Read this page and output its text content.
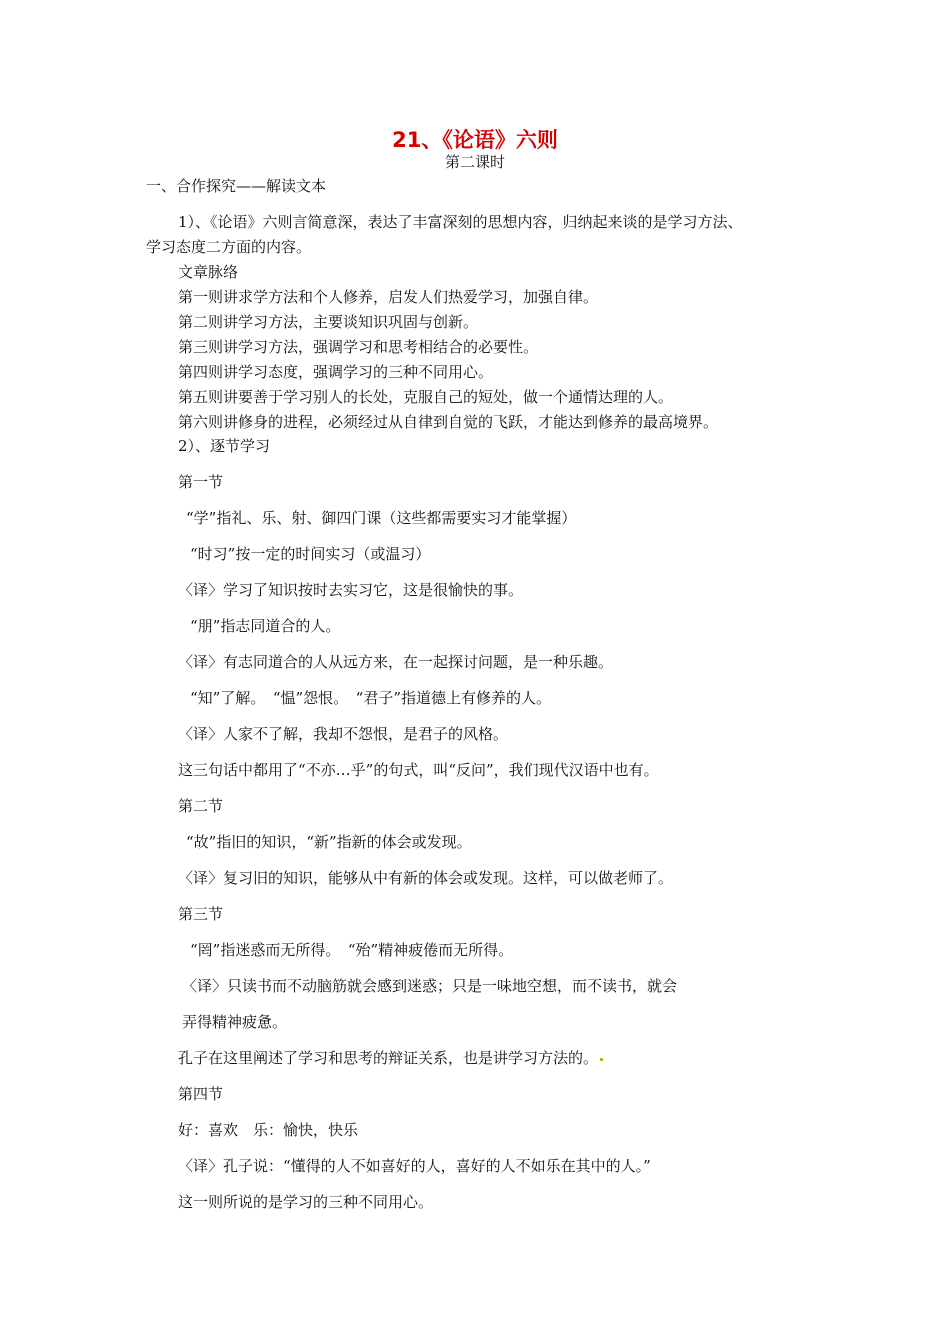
21、《论语》六则

第二课时

一、合作探究——解读文本

1）、《论语》六则言简意深，表达了丰富深刻的思想内容，归纳起来谈的是学习方法、

学习态度二方面的内容。

文章脉络

第一则讲求学方法和个人修养，启发人们热爱学习，加强自律。

第二则讲学习方法，主要谈知识巩固与创新。

第三则讲学习方法，强调学习和思考相结合的必要性。

第四则讲学习态度，强调学习的三种不同用心。

第五则讲要善于学习别人的长处，克服自己的短处，做一个通情达理的人。

第六则讲修身的进程，必须经过从自律到自觉的飞跃，才能达到修养的最高境界。

2）、逐节学习

第一节

“学”指礼、乐、射、御四门课（这些都需要实习才能掌握）

“时习”按一定的时间实习（或温习）

〈译〉学习了知识按时去实习它，这是很愉快的事。

“朋”指志同道合的人。

〈译〉有志同道合的人从远方来，在一起探讨问题，是一种乐趣。

“知”了解。　“愠”怨恨。　“君子”指道德上有修养的人。

〈译〉人家不了解，我却不怨恨，是君子的风格。

这三句话中都用了“不亦…乎”的句式，叫“反问”，我们现代汉语中也有。

第二节

“故”指旧的知识，“新”指新的体会或发现。

〈译〉复习旧的知识，能够从中有新的体会或发现。这样，可以做老师了。

第三节

“罔”指迷惑而无所得。　“殆”精神疲倦而无所得。

〈译〉只读书而不动脑筋就会感到迷惑；只是一味地空想，而不读书，就会

弄得精神疲惫。

孔子在这里阐述了学习和思考的辩证关系，也是讲学习方法的。

第四节

好：喜欢　乐：愉快，快乐

〈译〉孔子说：“懂得的人不如喜好的人，喜好的人不如乐在其中的人。”

这一则所说的是学习的三种不同用心。
